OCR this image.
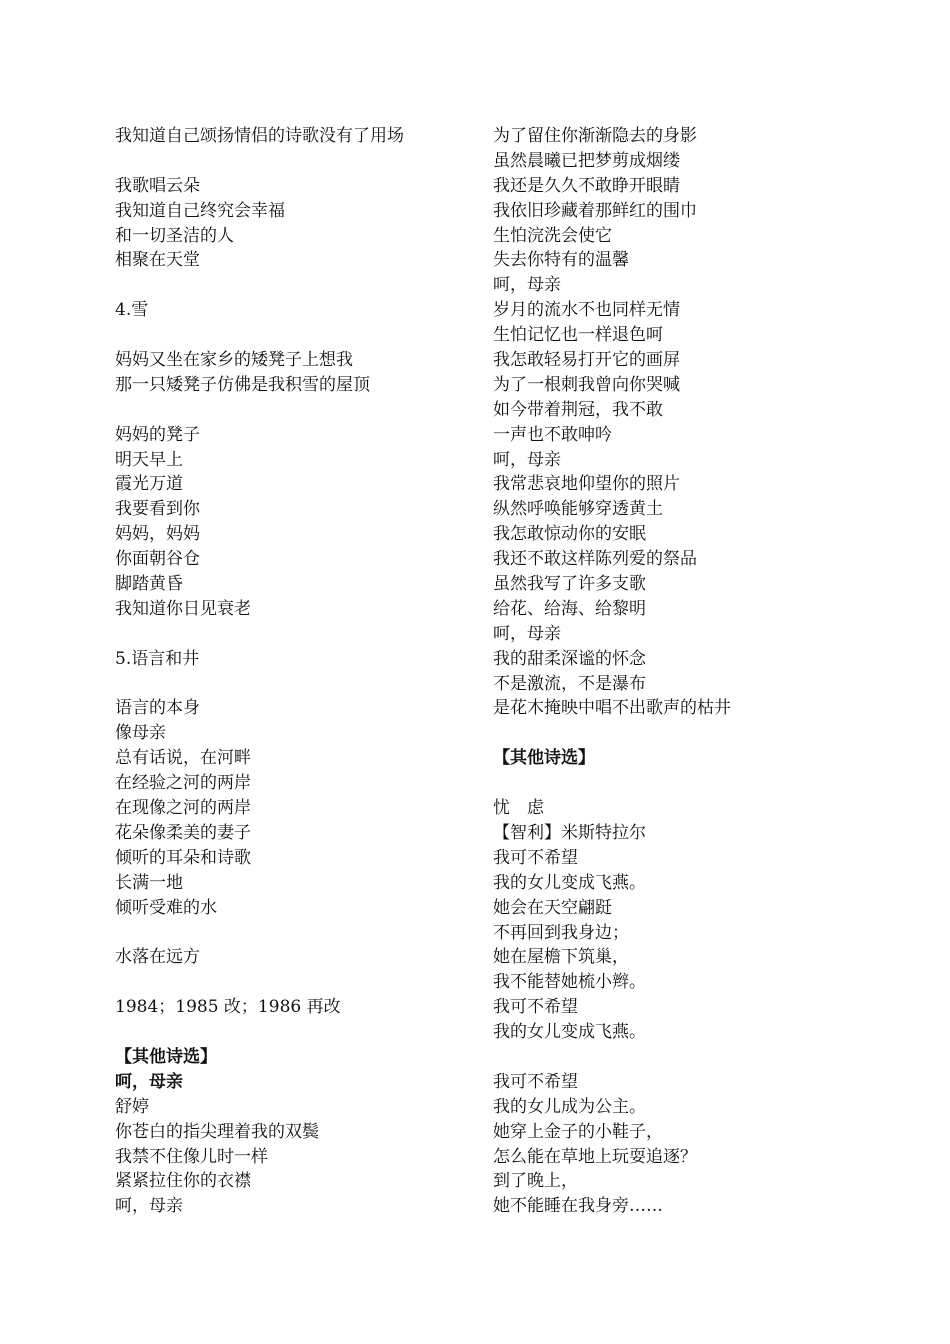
我知道自己颂扬情侣的诗歌没有了用场
我歌唱云朵
我知道自己终究会幸福
和一切圣洁的人
相聚在天堂
4.雪
妈妈又坐在家乡的矮凳子上想我
那一只矮凳子仿佛是我积雪的屋顶
妈妈的凳子
明天早上
霞光万道
我要看到你
妈妈，妈妈
你面朝谷仓
脚踏黄昏
我知道你日见衰老
5.语言和井
语言的本身
像母亲
总有话说，在河畔
在经验之河的两岸
在现像之河的两岸
花朵像柔美的妻子
倾听的耳朵和诗歌
长满一地
倾听受难的水
水落在远方
1984；1985 改；1986 再改
【其他诗选】
呵，母亲
舒婷
你苍白的指尖理着我的双鬓
我禁不住像儿时一样
紧紧拉住你的衣襟
呵，母亲
为了留住你渐渐隐去的身影
虽然晨曦已把梦剪成烟缕
我还是久久不敢睁开眼睛
我依旧珍藏着那鲜红的围巾
生怕浣洗会使它
失去你特有的温馨
呵，母亲
岁月的流水不也同样无情
生怕记忆也一样退色呵
我怎敢轻易打开它的画屏
为了一根刺我曾向你哭喊
如今带着荆冠，我不敢
一声也不敢呻吟
呵，母亲
我常悲哀地仰望你的照片
纵然呼唤能够穿透黄土
我怎敢惊动你的安眠
我还不敢这样陈列爱的祭品
虽然我写了许多支歌
给花、给海、给黎明
呵，母亲
我的甜柔深谧的怀念
不是激流，不是瀑布
是花木掩映中唱不出歌声的枯井
【其他诗选】
忧　虑
【智利】米斯特拉尔
我可不希望
我的女儿变成飞燕。
她会在天空翩跹
不再回到我身边；
她在屋檐下筑巢，
我不能替她梳小辫。
我可不希望
我的女儿变成飞燕。
我可不希望
我的女儿成为公主。
她穿上金子的小鞋子，
怎么能在草地上玩耍追逐？
到了晚上，
她不能睡在我身旁……
